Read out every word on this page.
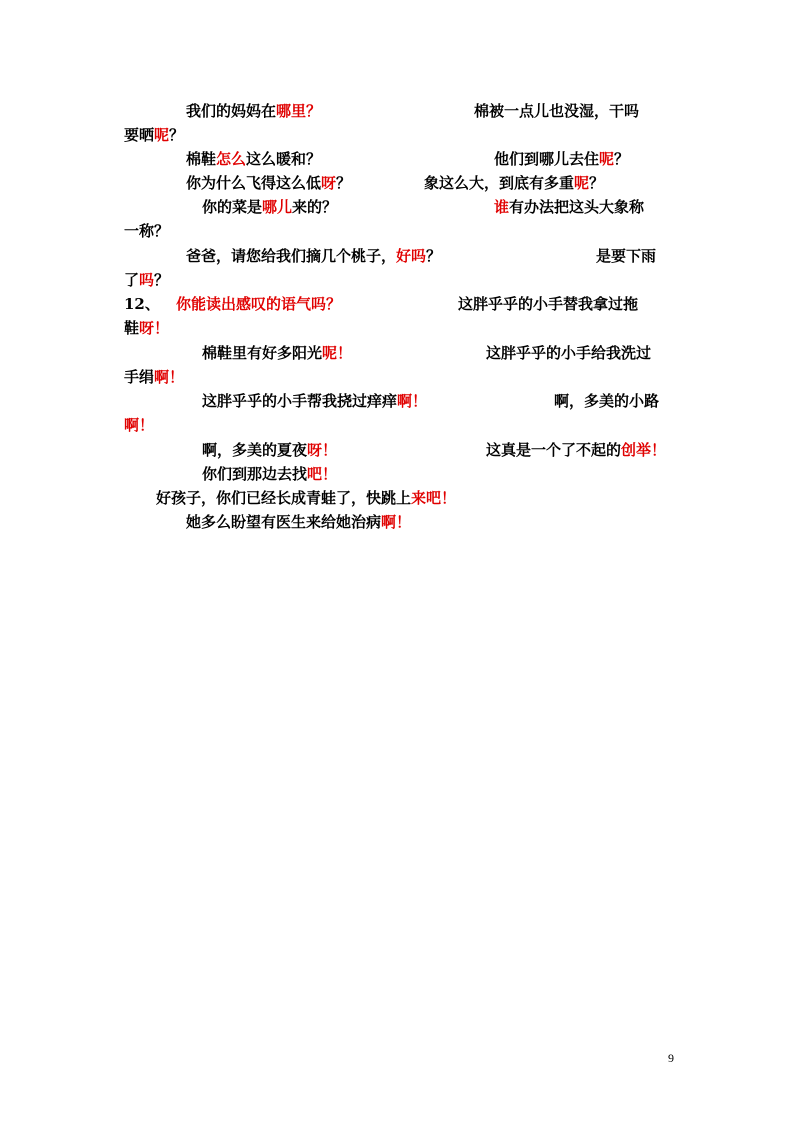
我们的妈妈在哪里？	棉被一点儿也没湿，干吗
要晒呢？
棉鞋怎么这么暖和？	他们到哪儿去住呢？
你为什么飞得这么低呀？	象这么大，到底有多重呢？
你的菜是哪儿来的？	谁有办法把这头大象称
一称？
爸爸，请您给我们摘几个桃子，好吗？	是要下雨
了吗？
12、 你能读出感叹的语气吗？	这胖乎乎的小手替我拿过拖
鞋呀！
棉鞋里有好多阳光呢！	这胖乎乎的小手给我洗过
手绢啊！
这胖乎乎的小手帮我挠过痒痒啊！	啊，多美的小路
啊！
啊，多美的夏夜呀！	这真是一个了不起的创举！
你们到那边去找吧！
好孩子，你们已经长成青蛙了，快跳上来吧！
她多么盼望有医生来给她治病啊！
9
